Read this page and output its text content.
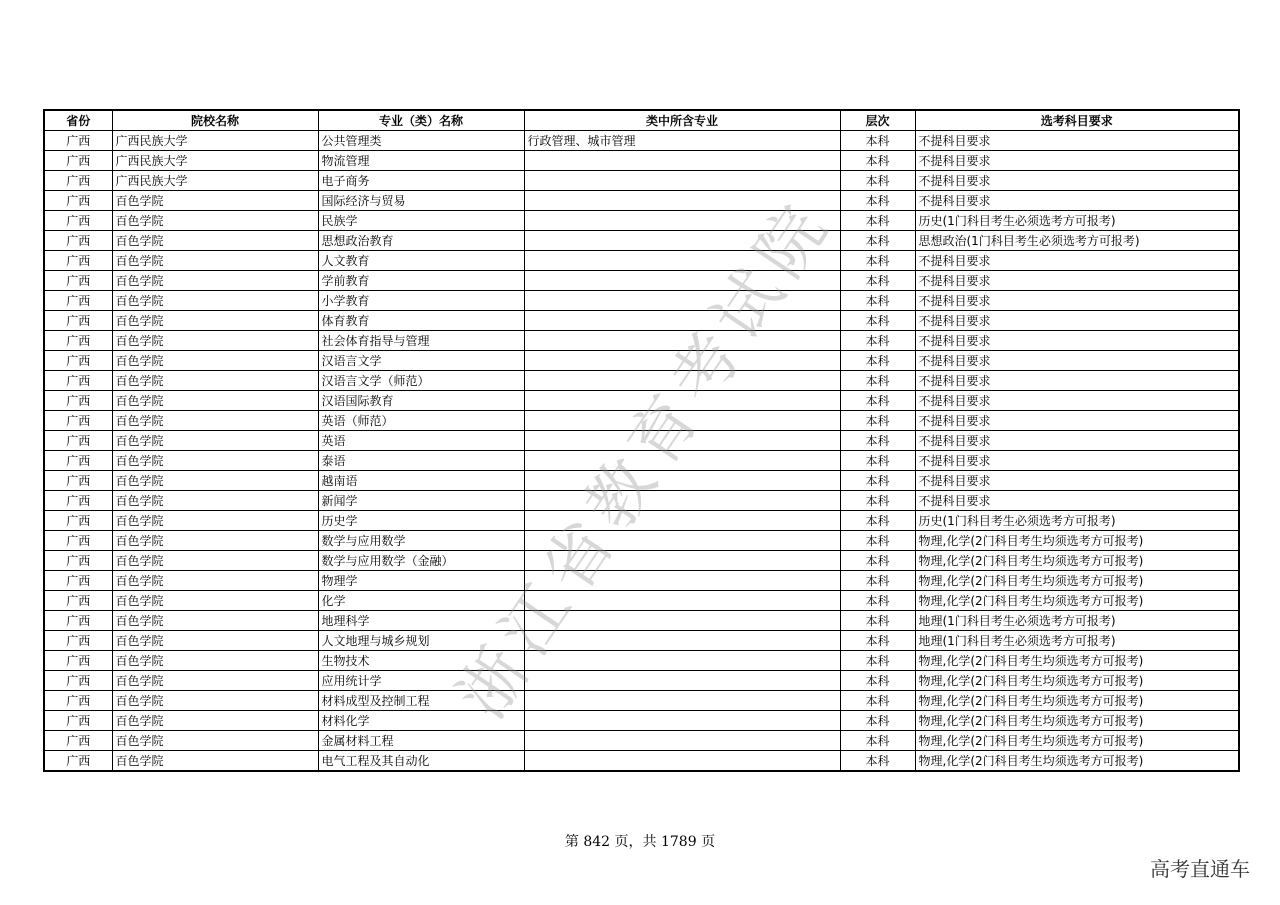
省份	院校名称	专业（类）名称	类中所含专业	层次	选考科目要求
广西	广西民族大学	公共管理类	行政管理、城市管理	本科	不提科目要求
广西	广西民族大学	物流管理		本科	不提科目要求
广西	广西民族大学	电子商务		本科	不提科目要求
广西	百色学院	国际经济与贸易		本科	不提科目要求
广西	百色学院	民族学		本科	历史(1门科目考生必须选考方可报考)
广西	百色学院	思想政治教育		本科	思想政治(1门科目考生必须选考方可报考)
广西	百色学院	人文教育		本科	不提科目要求
广西	百色学院	学前教育		本科	不提科目要求
广西	百色学院	小学教育		本科	不提科目要求
广西	百色学院	体育教育		本科	不提科目要求
广西	百色学院	社会体育指导与管理		本科	不提科目要求
广西	百色学院	汉语言文学		本科	不提科目要求
广西	百色学院	汉语言文学（师范）		本科	不提科目要求
广西	百色学院	汉语国际教育		本科	不提科目要求
广西	百色学院	英语（师范）		本科	不提科目要求
广西	百色学院	英语		本科	不提科目要求
广西	百色学院	泰语		本科	不提科目要求
广西	百色学院	越南语		本科	不提科目要求
广西	百色学院	新闻学		本科	不提科目要求
广西	百色学院	历史学		本科	历史(1门科目考生必须选考方可报考)
广西	百色学院	数学与应用数学		本科	物理,化学(2门科目考生均须选考方可报考)
广西	百色学院	数学与应用数学（金融）		本科	物理,化学(2门科目考生均须选考方可报考)
广西	百色学院	物理学		本科	物理,化学(2门科目考生均须选考方可报考)
广西	百色学院	化学		本科	物理,化学(2门科目考生均须选考方可报考)
广西	百色学院	地理科学		本科	地理(1门科目考生必须选考方可报考)
广西	百色学院	人文地理与城乡规划		本科	地理(1门科目考生必须选考方可报考)
广西	百色学院	生物技术		本科	物理,化学(2门科目考生均须选考方可报考)
广西	百色学院	应用统计学		本科	物理,化学(2门科目考生均须选考方可报考)
广西	百色学院	材料成型及控制工程		本科	物理,化学(2门科目考生均须选考方可报考)
广西	百色学院	材料化学		本科	物理,化学(2门科目考生均须选考方可报考)
广西	百色学院	金属材料工程		本科	物理,化学(2门科目考生均须选考方可报考)
广西	百色学院	电气工程及其自动化		本科	物理,化学(2门科目考生均须选考方可报考)
浙江省教育考试院
第 842 页，共 1789 页
高考直通车
